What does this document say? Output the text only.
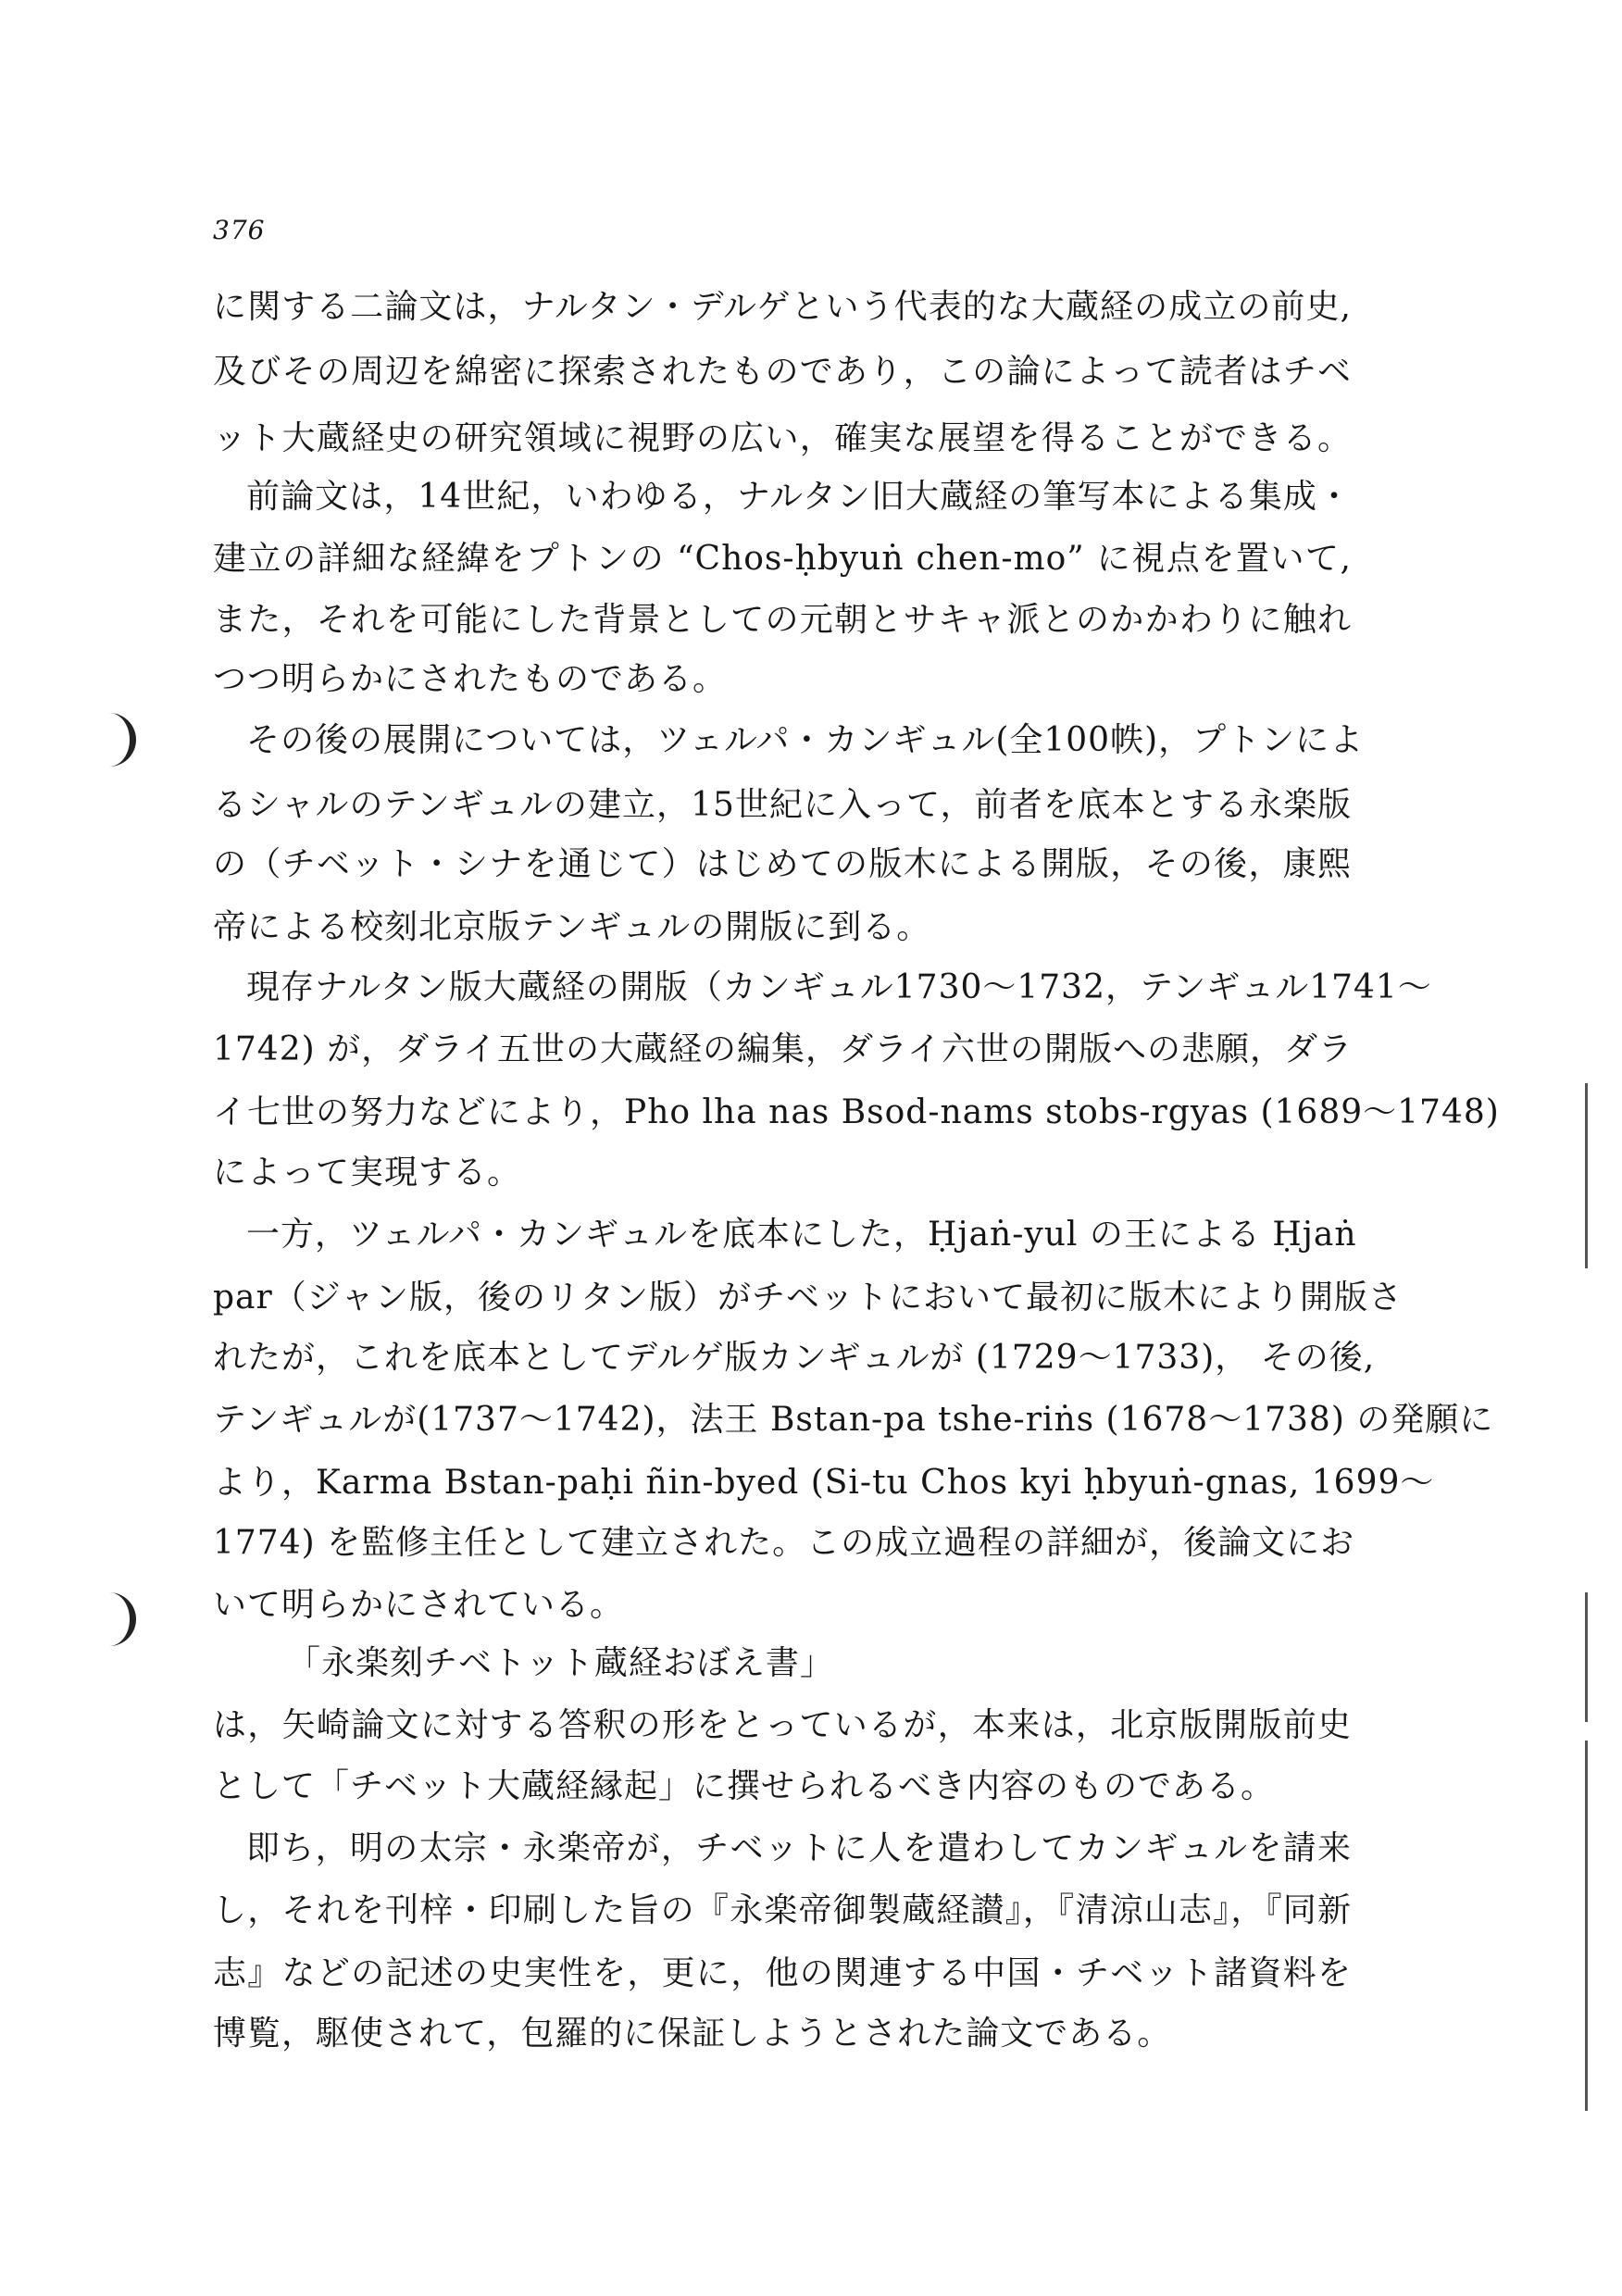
376
に関する二論文は，ナルタン・デルゲという代表的な大蔵経の成立の前史,
及びその周辺を綿密に探索されたものであり，この論によって読者はチベ
ット大蔵経史の研究領域に視野の広い，確実な展望を得ることができる。
前論文は，14世紀，いわゆる，ナルタン旧大蔵経の筆写本による集成・
建立の詳細な経緯をプトンの “Chos-ḥbyuṅ chen-mo” に視点を置いて,
また，それを可能にした背景としての元朝とサキャ派とのかかわりに触れ
つつ明らかにされたものである。
その後の展開については，ツェルパ・カンギュル(全100帙)，プトンによ
るシャルのテンギュルの建立，15世紀に入って，前者を底本とする永楽版
の（チベット・シナを通じて）はじめての版木による開版，その後，康熙
帝による校刻北京版テンギュルの開版に到る。
現存ナルタン版大蔵経の開版（カンギュル1730〜1732，テンギュル1741〜
1742) が，ダライ五世の大蔵経の編集，ダライ六世の開版への悲願，ダラ
イ七世の努力などにより，Pho lha nas Bsod-nams stobs-rgyas (1689〜1748)
によって実現する。
一方，ツェルパ・カンギュルを底本にした，Ḥjaṅ-yul の王による Ḥjaṅ
par（ジャン版，後のリタン版）がチベットにおいて最初に版木により開版さ
れたが，これを底本としてデルゲ版カンギュルが (1729〜1733)， その後,
テンギュルが(1737〜1742)，法王 Bstan-pa tshe-riṅs (1678〜1738) の発願に
より，Karma Bstan-paḥi ñin-byed (Si-tu Chos kyi ḥbyuṅ-gnas, 1699〜
1774) を監修主任として建立された。この成立過程の詳細が，後論文にお
いて明らかにされている。
「永楽刻チベトット蔵経おぼえ書」
は，矢崎論文に対する答釈の形をとっているが，本来は，北京版開版前史
として「チベット大蔵経縁起」に撰せられるべき内容のものである。
即ち，明の太宗・永楽帝が，チベットに人を遣わしてカンギュルを請来
し，それを刊梓・印刷した旨の『永楽帝御製蔵経讃』，『清涼山志』，『同新
志』などの記述の史実性を，更に，他の関連する中国・チベット諸資料を
博覧，駆使されて，包羅的に保証しようとされた論文である。
